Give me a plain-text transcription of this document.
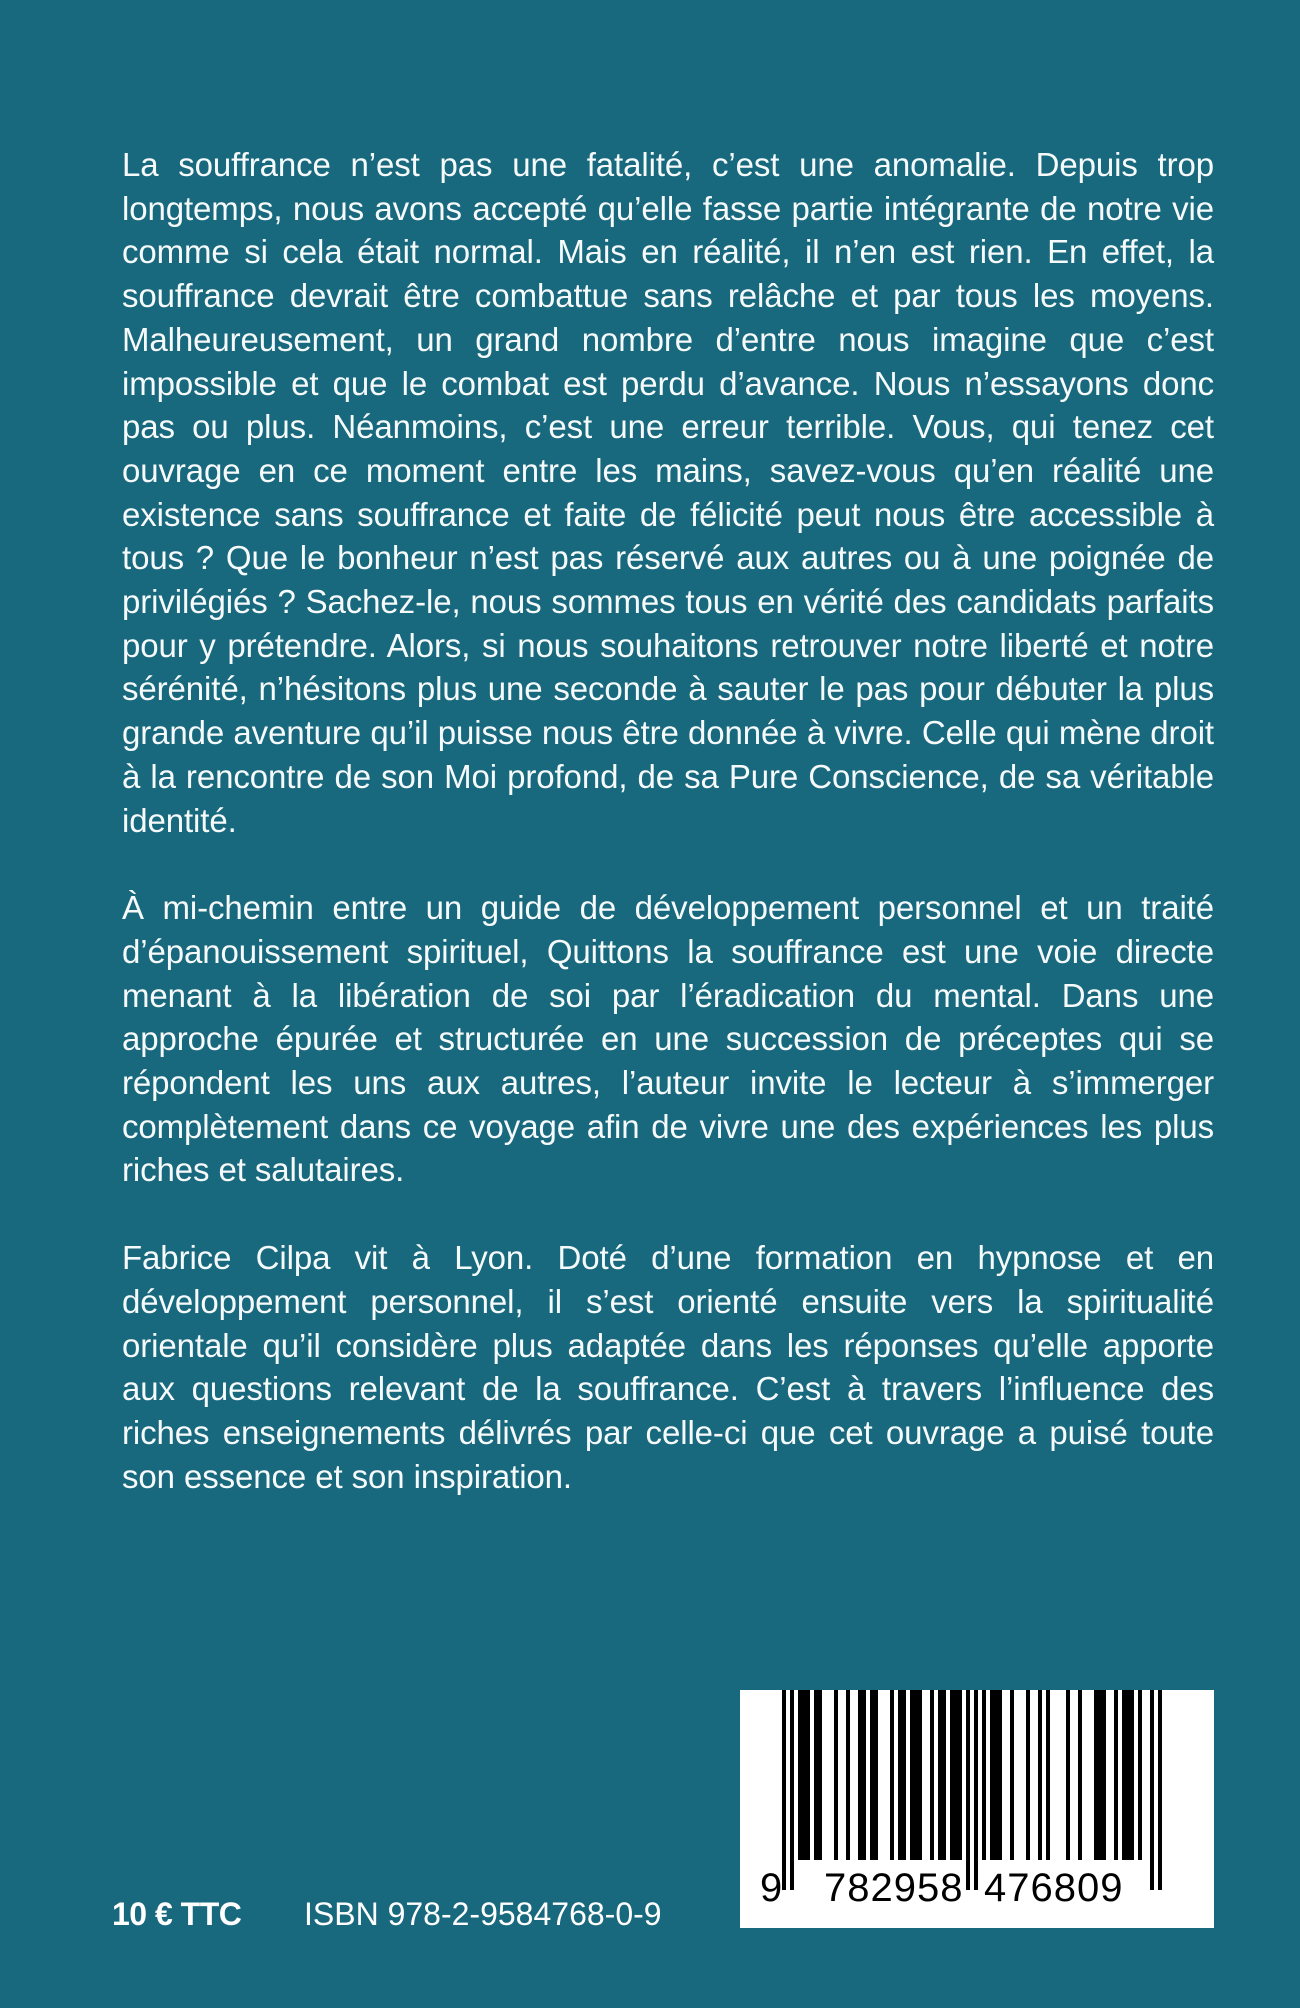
La souffrance n’est pas une fatalité, c’est une anomalie. Depuis trop longtemps, nous avons accepté qu’elle fasse partie intégrante de notre vie comme si cela était normal. Mais en réalité, il n’en est rien. En effet, la souffrance devrait être combattue sans relâche et par tous les moyens. Malheureusement, un grand nombre d’entre nous imagine que c’est impossible et que le combat est perdu d’avance. Nous n’essayons donc pas ou plus. Néanmoins, c’est une erreur terrible. Vous, qui tenez cet ouvrage en ce moment entre les mains, savez-vous qu’en réalité une existence sans souffrance et faite de félicité peut nous être accessible à tous ? Que le bonheur n’est pas réservé aux autres ou à une poignée de privilégiés ? Sachez-le, nous sommes tous en vérité des candidats parfaits pour y prétendre. Alors, si nous souhaitons retrouver notre liberté et notre sérénité, n’hésitons plus une seconde à sauter le pas pour débuter la plus grande aventure qu’il puisse nous être donnée à vivre. Celle qui mène droit à la rencontre de son Moi profond, de sa Pure Conscience, de sa véritable identité.

À mi-chemin entre un guide de développement personnel et un traité d’épanouissement spirituel, Quittons la souffrance est une voie directe menant à la libération de soi par l’éradication du mental. Dans une approche épurée et structurée en une succession de préceptes qui se répondent les uns aux autres, l’auteur invite le lecteur à s’immerger complètement dans ce voyage afin de vivre une des expériences les plus riches et salutaires.

Fabrice Cilpa vit à Lyon. Doté d’une formation en hypnose et en développement personnel, il s’est orienté ensuite vers la spiritualité orientale qu’il considère plus adaptée dans les réponses qu’elle apporte aux questions relevant de la souffrance. C’est à travers l’influence des riches enseignements délivrés par celle-ci que cet ouvrage a puisé toute son essence et son inspiration.

10 € TTC ISBN 978-2-9584768-0-9
9 782958 476809
